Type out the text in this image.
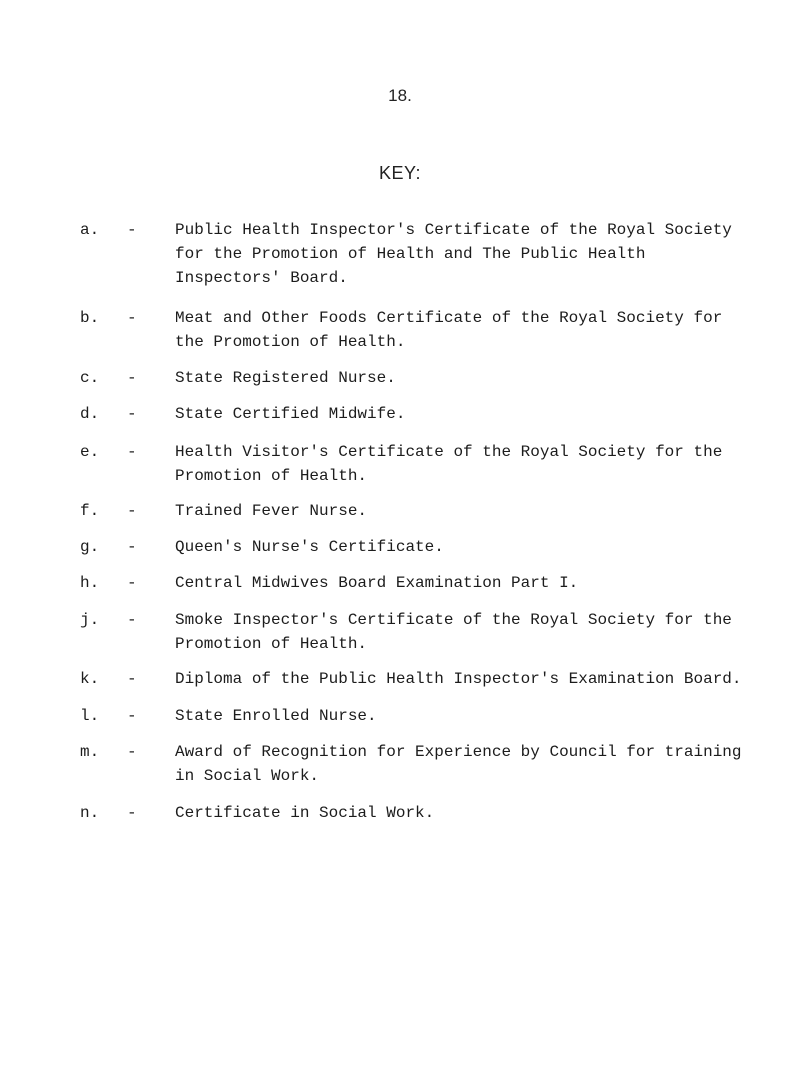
18.
KEY:
a.	-	Public Health Inspector's Certificate of the Royal Society
for the Promotion of Health and The Public Health
Inspectors' Board.
b.	-	Meat and Other Foods Certificate of the Royal Society for
the Promotion of Health.
c.	-	State Registered Nurse.
d.	-	State Certified Midwife.
e.	-	Health Visitor's Certificate of the Royal Society for the
Promotion of Health.
f.	-	Trained Fever Nurse.
g.	-	Queen's Nurse's Certificate.
h.	-	Central Midwives Board Examination Part I.
j.	-	Smoke Inspector's Certificate of the Royal Society for the
Promotion of Health.
k.	-	Diploma of the Public Health Inspector's Examination Board.
l.	-	State Enrolled Nurse.
m.	-	Award of Recognition for Experience by Council for training
in Social Work.
n.	-	Certificate in Social Work.
